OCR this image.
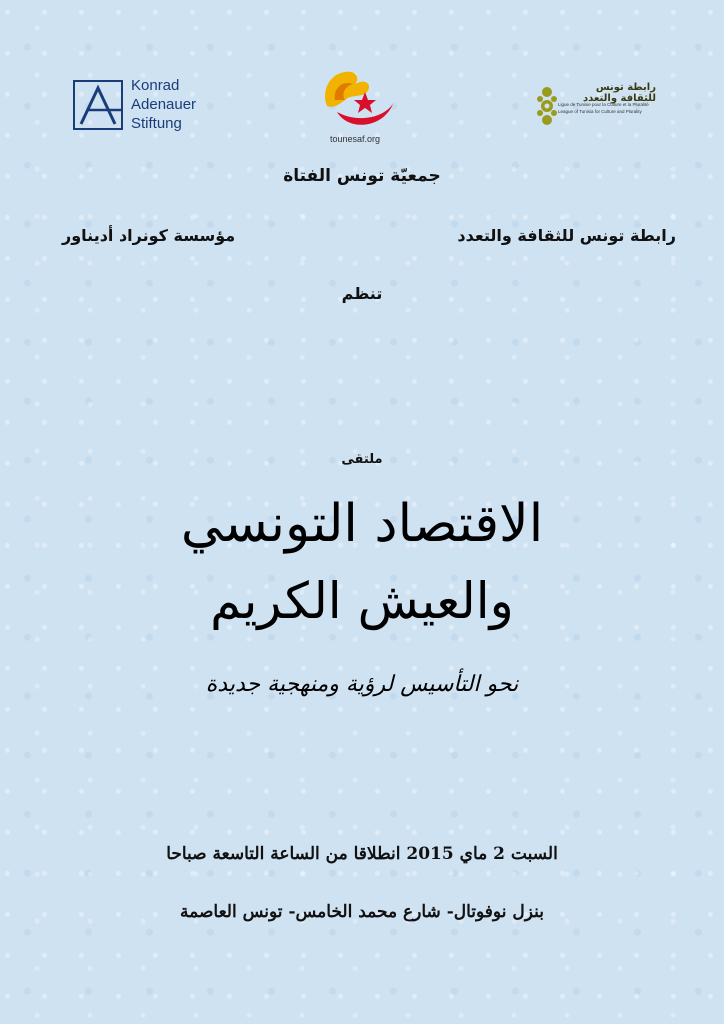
Konrad
Adenauer
Stiftung
tounesaf.org
رابطة تونس للثقافة والتعدد
Ligue de Tunisie pour la Culture et la Pluralité
League of Tunisia for Culture and Plurality
جمعيّة تونس الفتاة
رابطة تونس للثقافة والتعدد
مؤسسة كونراد أديناور
تنظم
ملتقى
الاقتصاد التونسي
والعيش الكريم
نحو التأسيس لرؤية ومنهجية جديدة
السبت 2 ماي 2015 انطلاقا من الساعة التاسعة صباحا
بنزل نوفوتال- شارع محمد الخامس- تونس العاصمة
